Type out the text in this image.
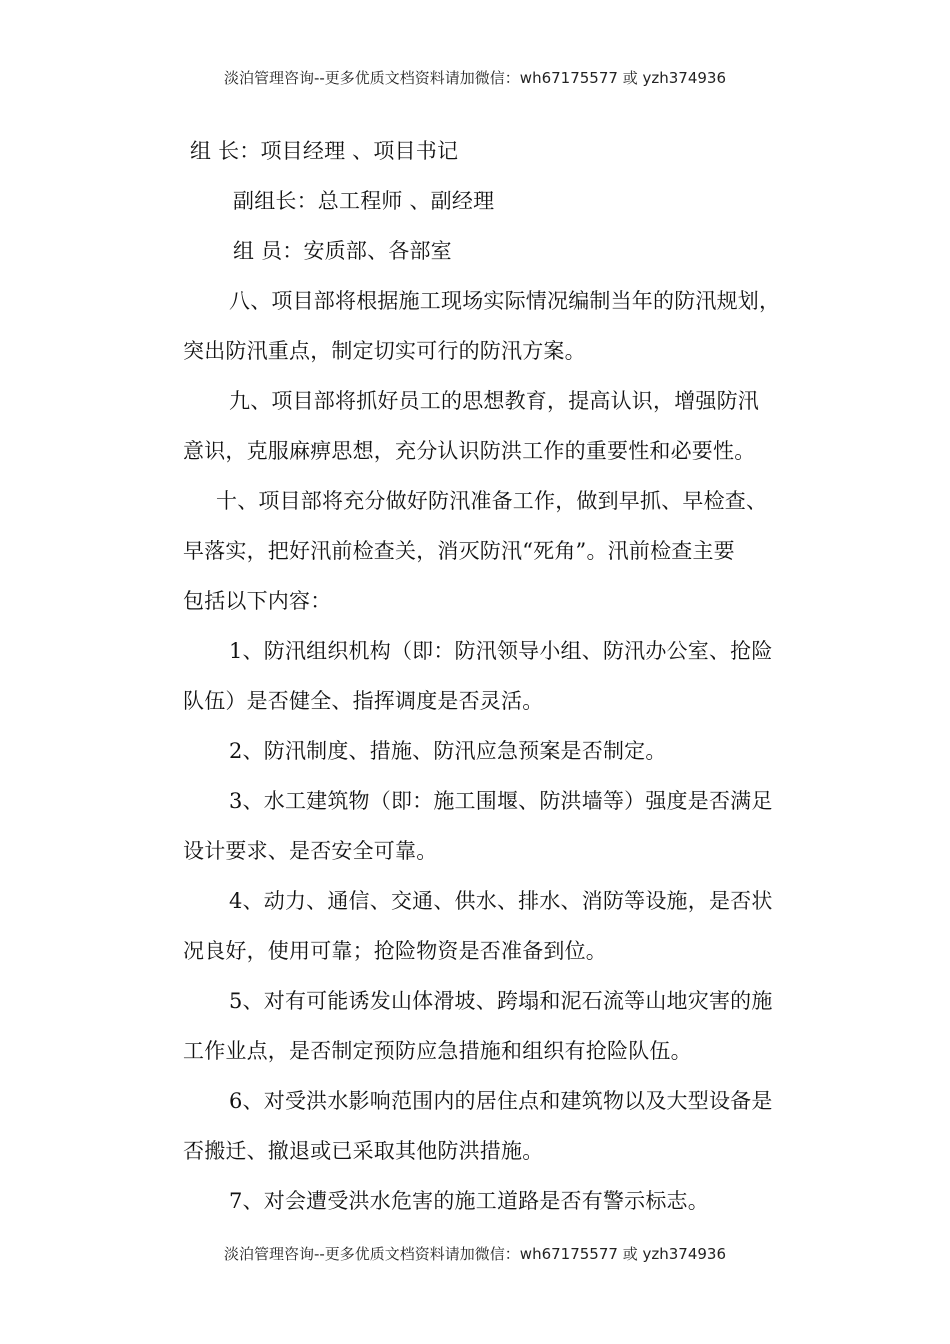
淡泊管理咨询--更多优质文档资料请加微信：wh67175577 或 yzh374936
组 长：项目经理 、项目书记
副组长：总工程师 、副经理
组 员：安质部、各部室
八、项目部将根据施工现场实际情况编制当年的防汛规划，
突出防汛重点，制定切实可行的防汛方案。
九、项目部将抓好员工的思想教育，提高认识，增强防汛
意识，克服麻痹思想，充分认识防洪工作的重要性和必要性。
十、项目部将充分做好防汛准备工作，做到早抓、早检查、
早落实，把好汛前检查关，消灭防汛“死角”。汛前检查主要
包括以下内容：
1、防汛组织机构（即：防汛领导小组、防汛办公室、抢险
队伍）是否健全、指挥调度是否灵活。
2、防汛制度、措施、防汛应急预案是否制定。
3、水工建筑物（即：施工围堰、防洪墙等）强度是否满足
设计要求、是否安全可靠。
4、动力、通信、交通、供水、排水、消防等设施，是否状
况良好，使用可靠；抢险物资是否准备到位。
5、对有可能诱发山体滑坡、跨塌和泥石流等山地灾害的施
工作业点，是否制定预防应急措施和组织有抢险队伍。
6、对受洪水影响范围内的居住点和建筑物以及大型设备是
否搬迁、撤退或已采取其他防洪措施。
7、对会遭受洪水危害的施工道路是否有警示标志。
淡泊管理咨询--更多优质文档资料请加微信：wh67175577 或 yzh374936
